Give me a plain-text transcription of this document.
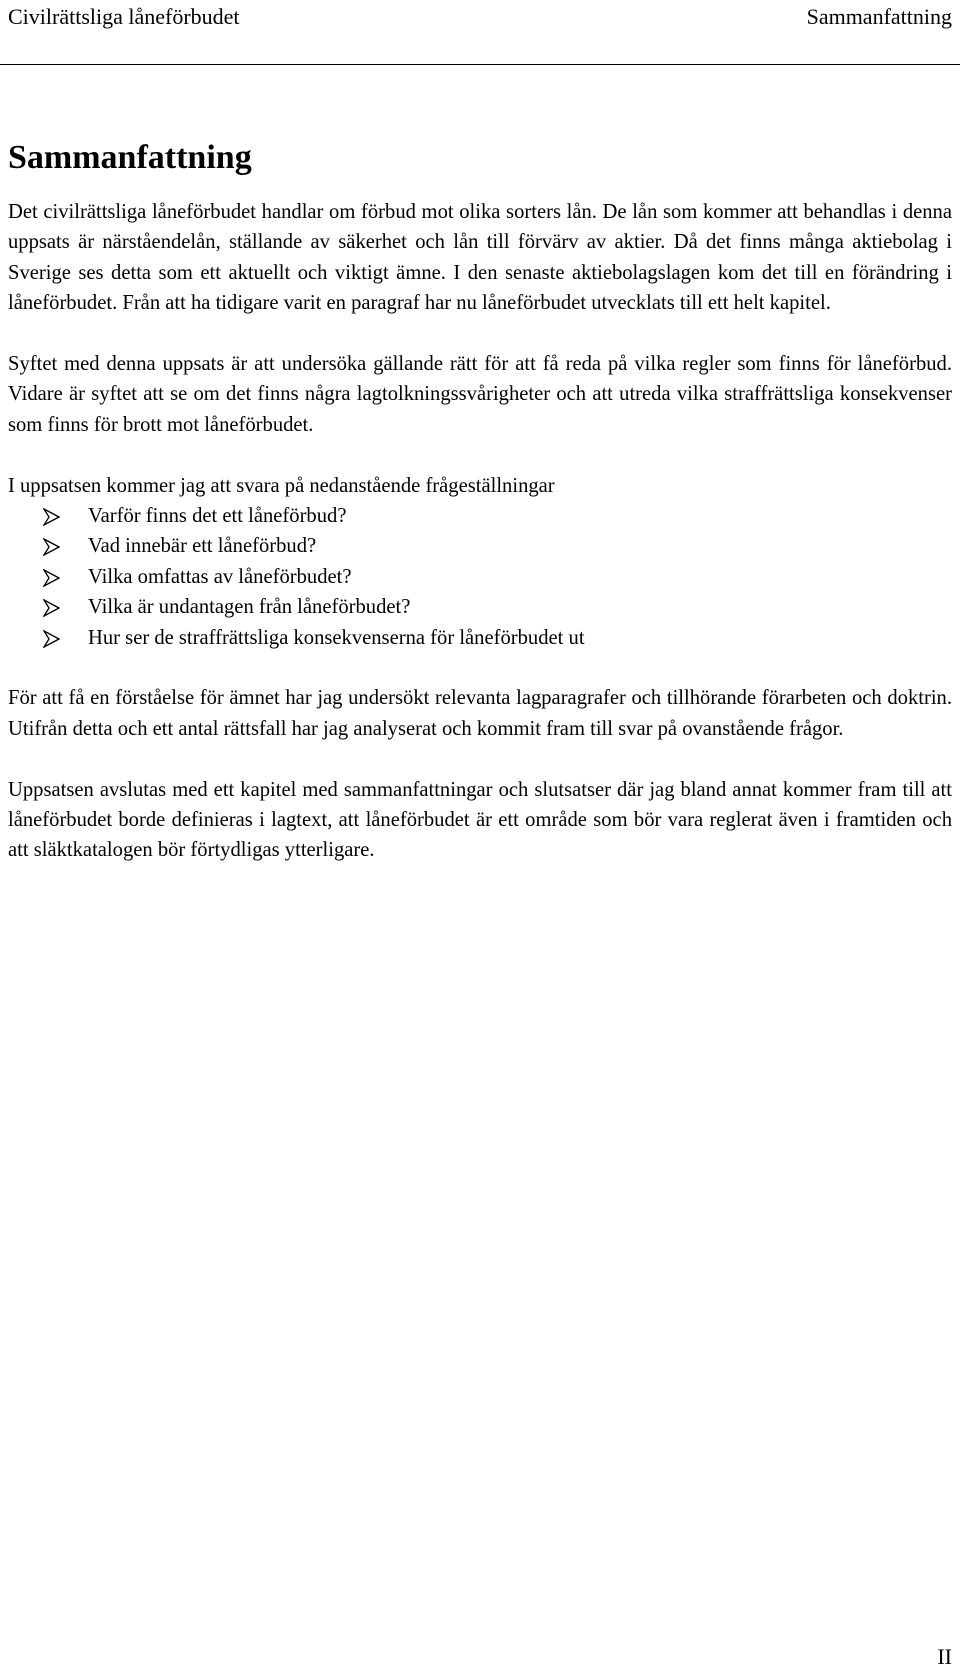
Civilrättsliga låneförbudet	Sammanfattning
Sammanfattning

Det civilrättsliga låneförbudet handlar om förbud mot olika sorters lån. De lån som kommer att behandlas i denna uppsats är närståendelån, ställande av säkerhet och lån till förvärv av aktier. Då det finns många aktiebolag i Sverige ses detta som ett aktuellt och viktigt ämne. I den senaste aktiebolagslagen kom det till en förändring i låneförbudet. Från att ha tidigare varit en paragraf har nu låneförbudet utvecklats till ett helt kapitel.

Syftet med denna uppsats är att undersöka gällande rätt för att få reda på vilka regler som finns för låneförbud. Vidare är syftet att se om det finns några lagtolkningssvårigheter och att utreda vilka straffrättsliga konsekvenser som finns för brott mot låneförbudet.

I uppsatsen kommer jag att svara på nedanstående frågeställningar

Varför finns det ett låneförbud?
Vad innebär ett låneförbud?
Vilka omfattas av låneförbudet?
Vilka är undantagen från låneförbudet?
Hur ser de straffrättsliga konsekvenserna för låneförbudet ut

För att få en förståelse för ämnet har jag undersökt relevanta lagparagrafer och tillhörande förarbeten och doktrin. Utifrån detta och ett antal rättsfall har jag analyserat och kommit fram till svar på ovanstående frågor.

Uppsatsen avslutas med ett kapitel med sammanfattningar och slutsatser där jag bland annat kommer fram till att låneförbudet borde definieras i lagtext, att låneförbudet är ett område som bör vara reglerat även i framtiden och att släktkatalogen bör förtydligas ytterligare.

II
